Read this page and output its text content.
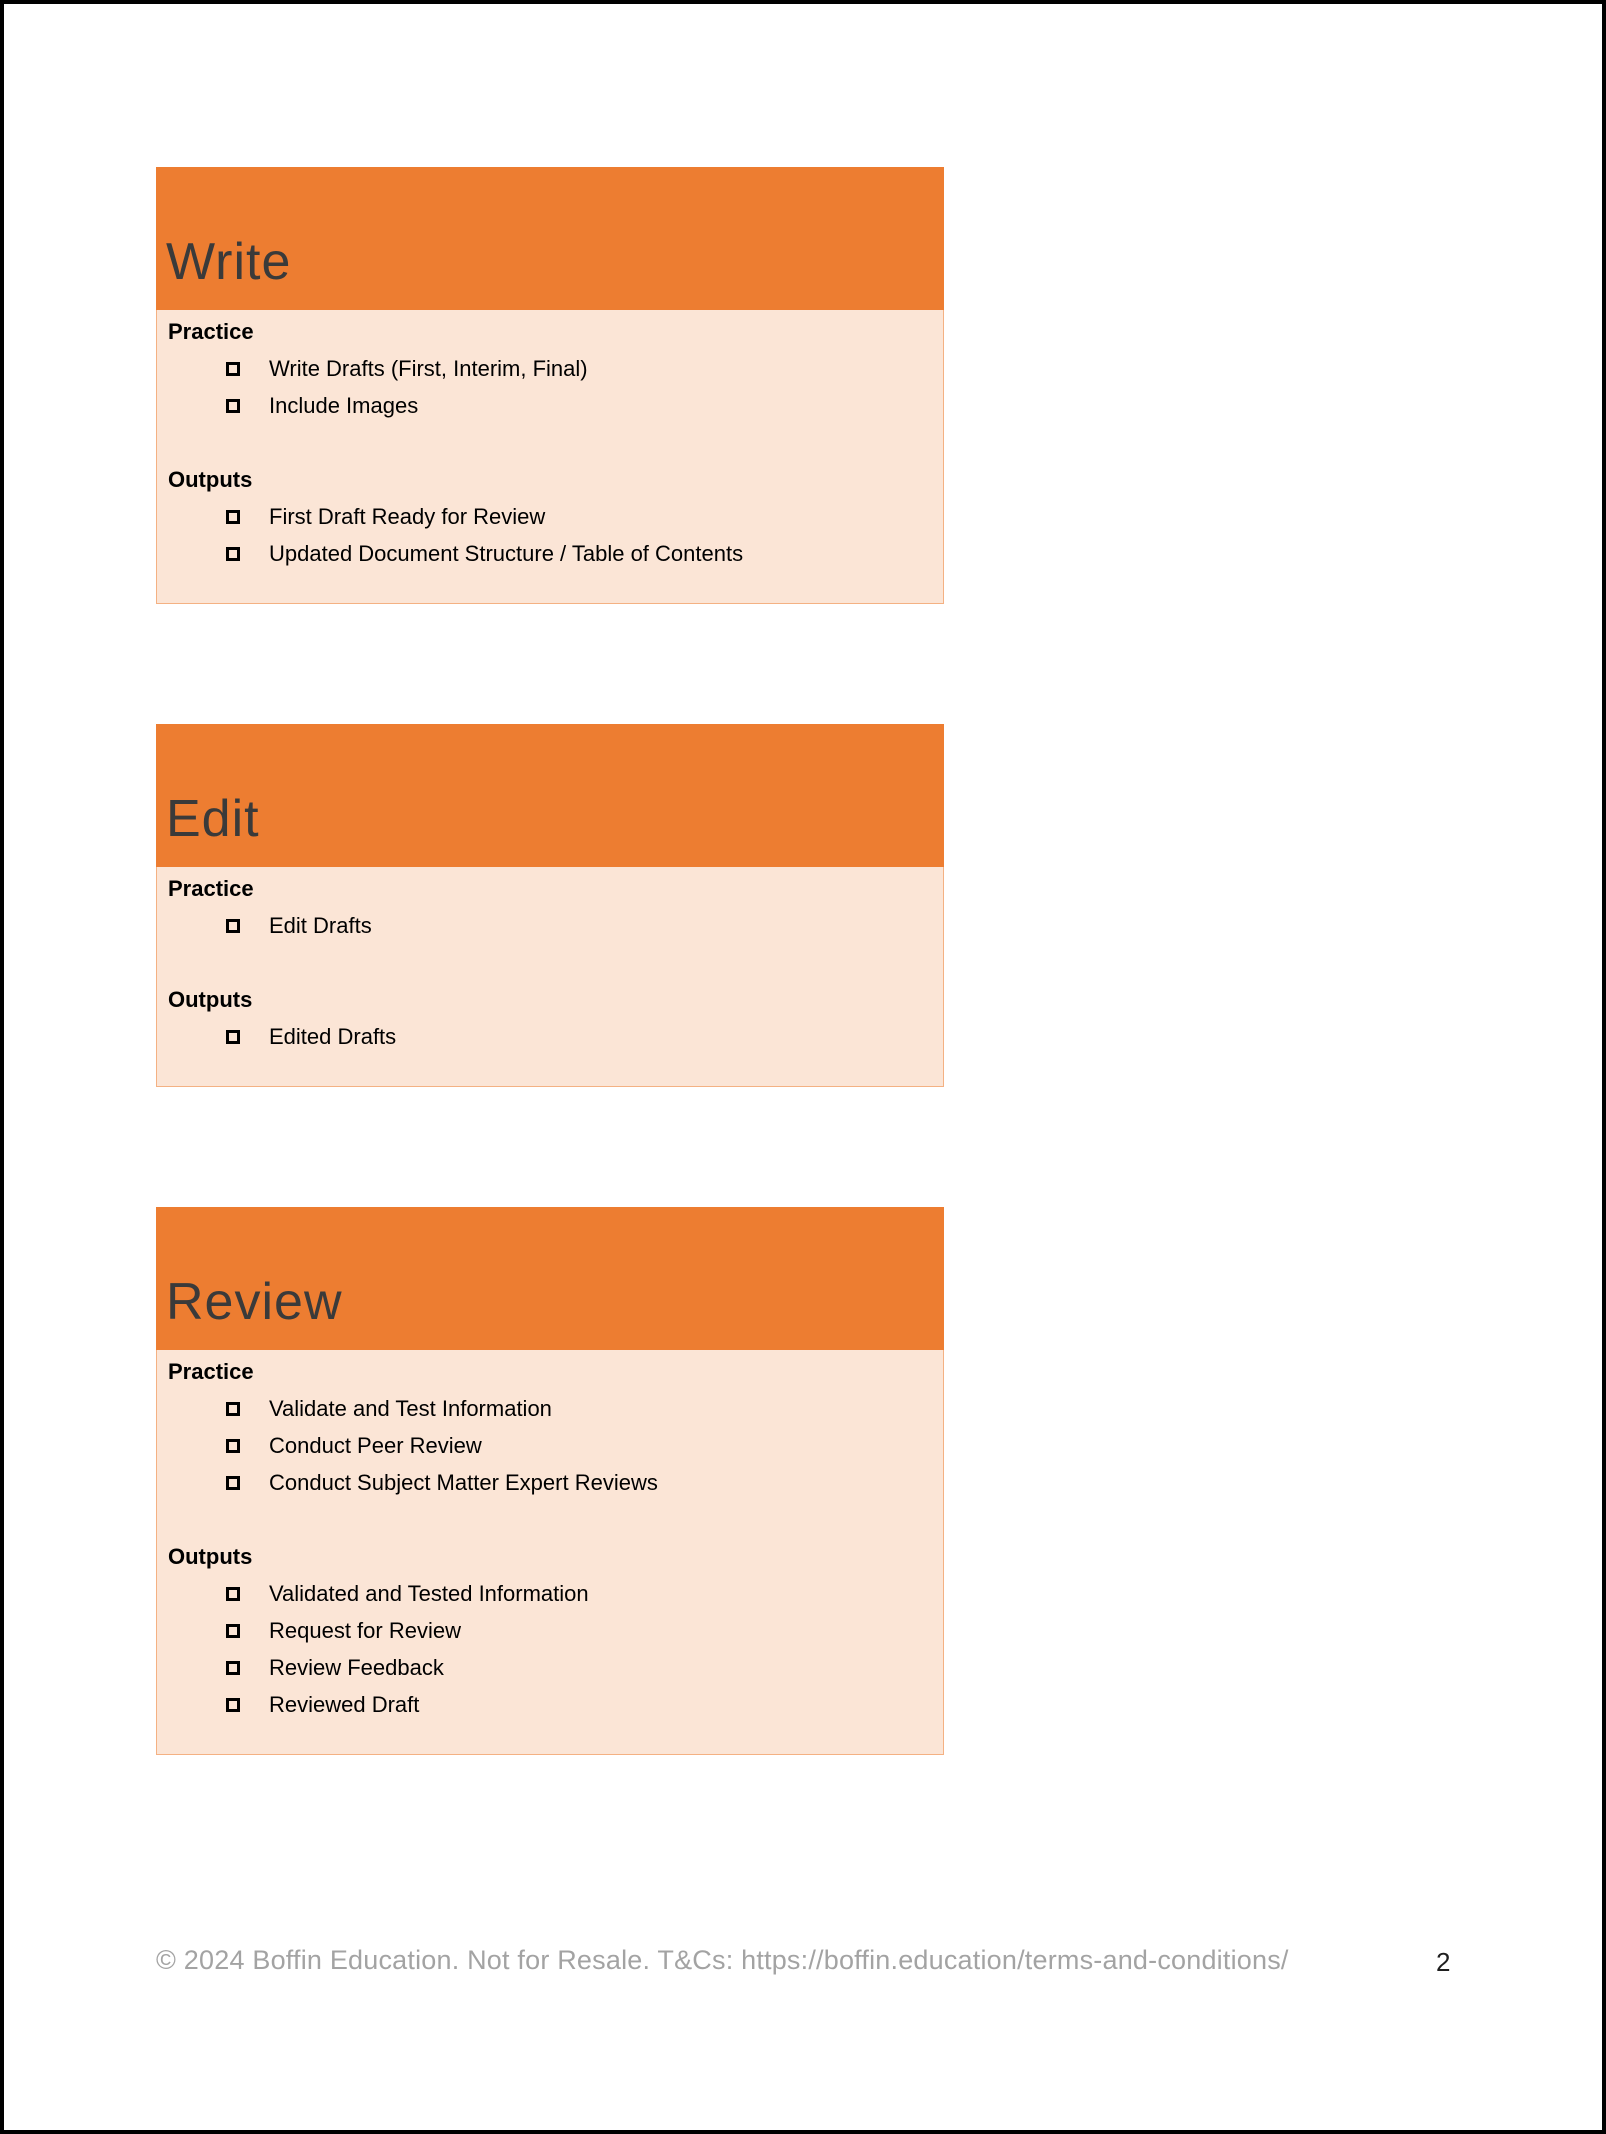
Write
Practice
Write Drafts (First, Interim, Final)
Include Images
Outputs
First Draft Ready for Review
Updated Document Structure / Table of Contents
Edit
Practice
Edit Drafts
Outputs
Edited Drafts
Review
Practice
Validate and Test Information
Conduct Peer Review
Conduct Subject Matter Expert Reviews
Outputs
Validated and Tested Information
Request for Review
Review Feedback
Reviewed Draft
© 2024 Boffin Education. Not for Resale. T&Cs: https://boffin.education/terms-and-conditions/	2
